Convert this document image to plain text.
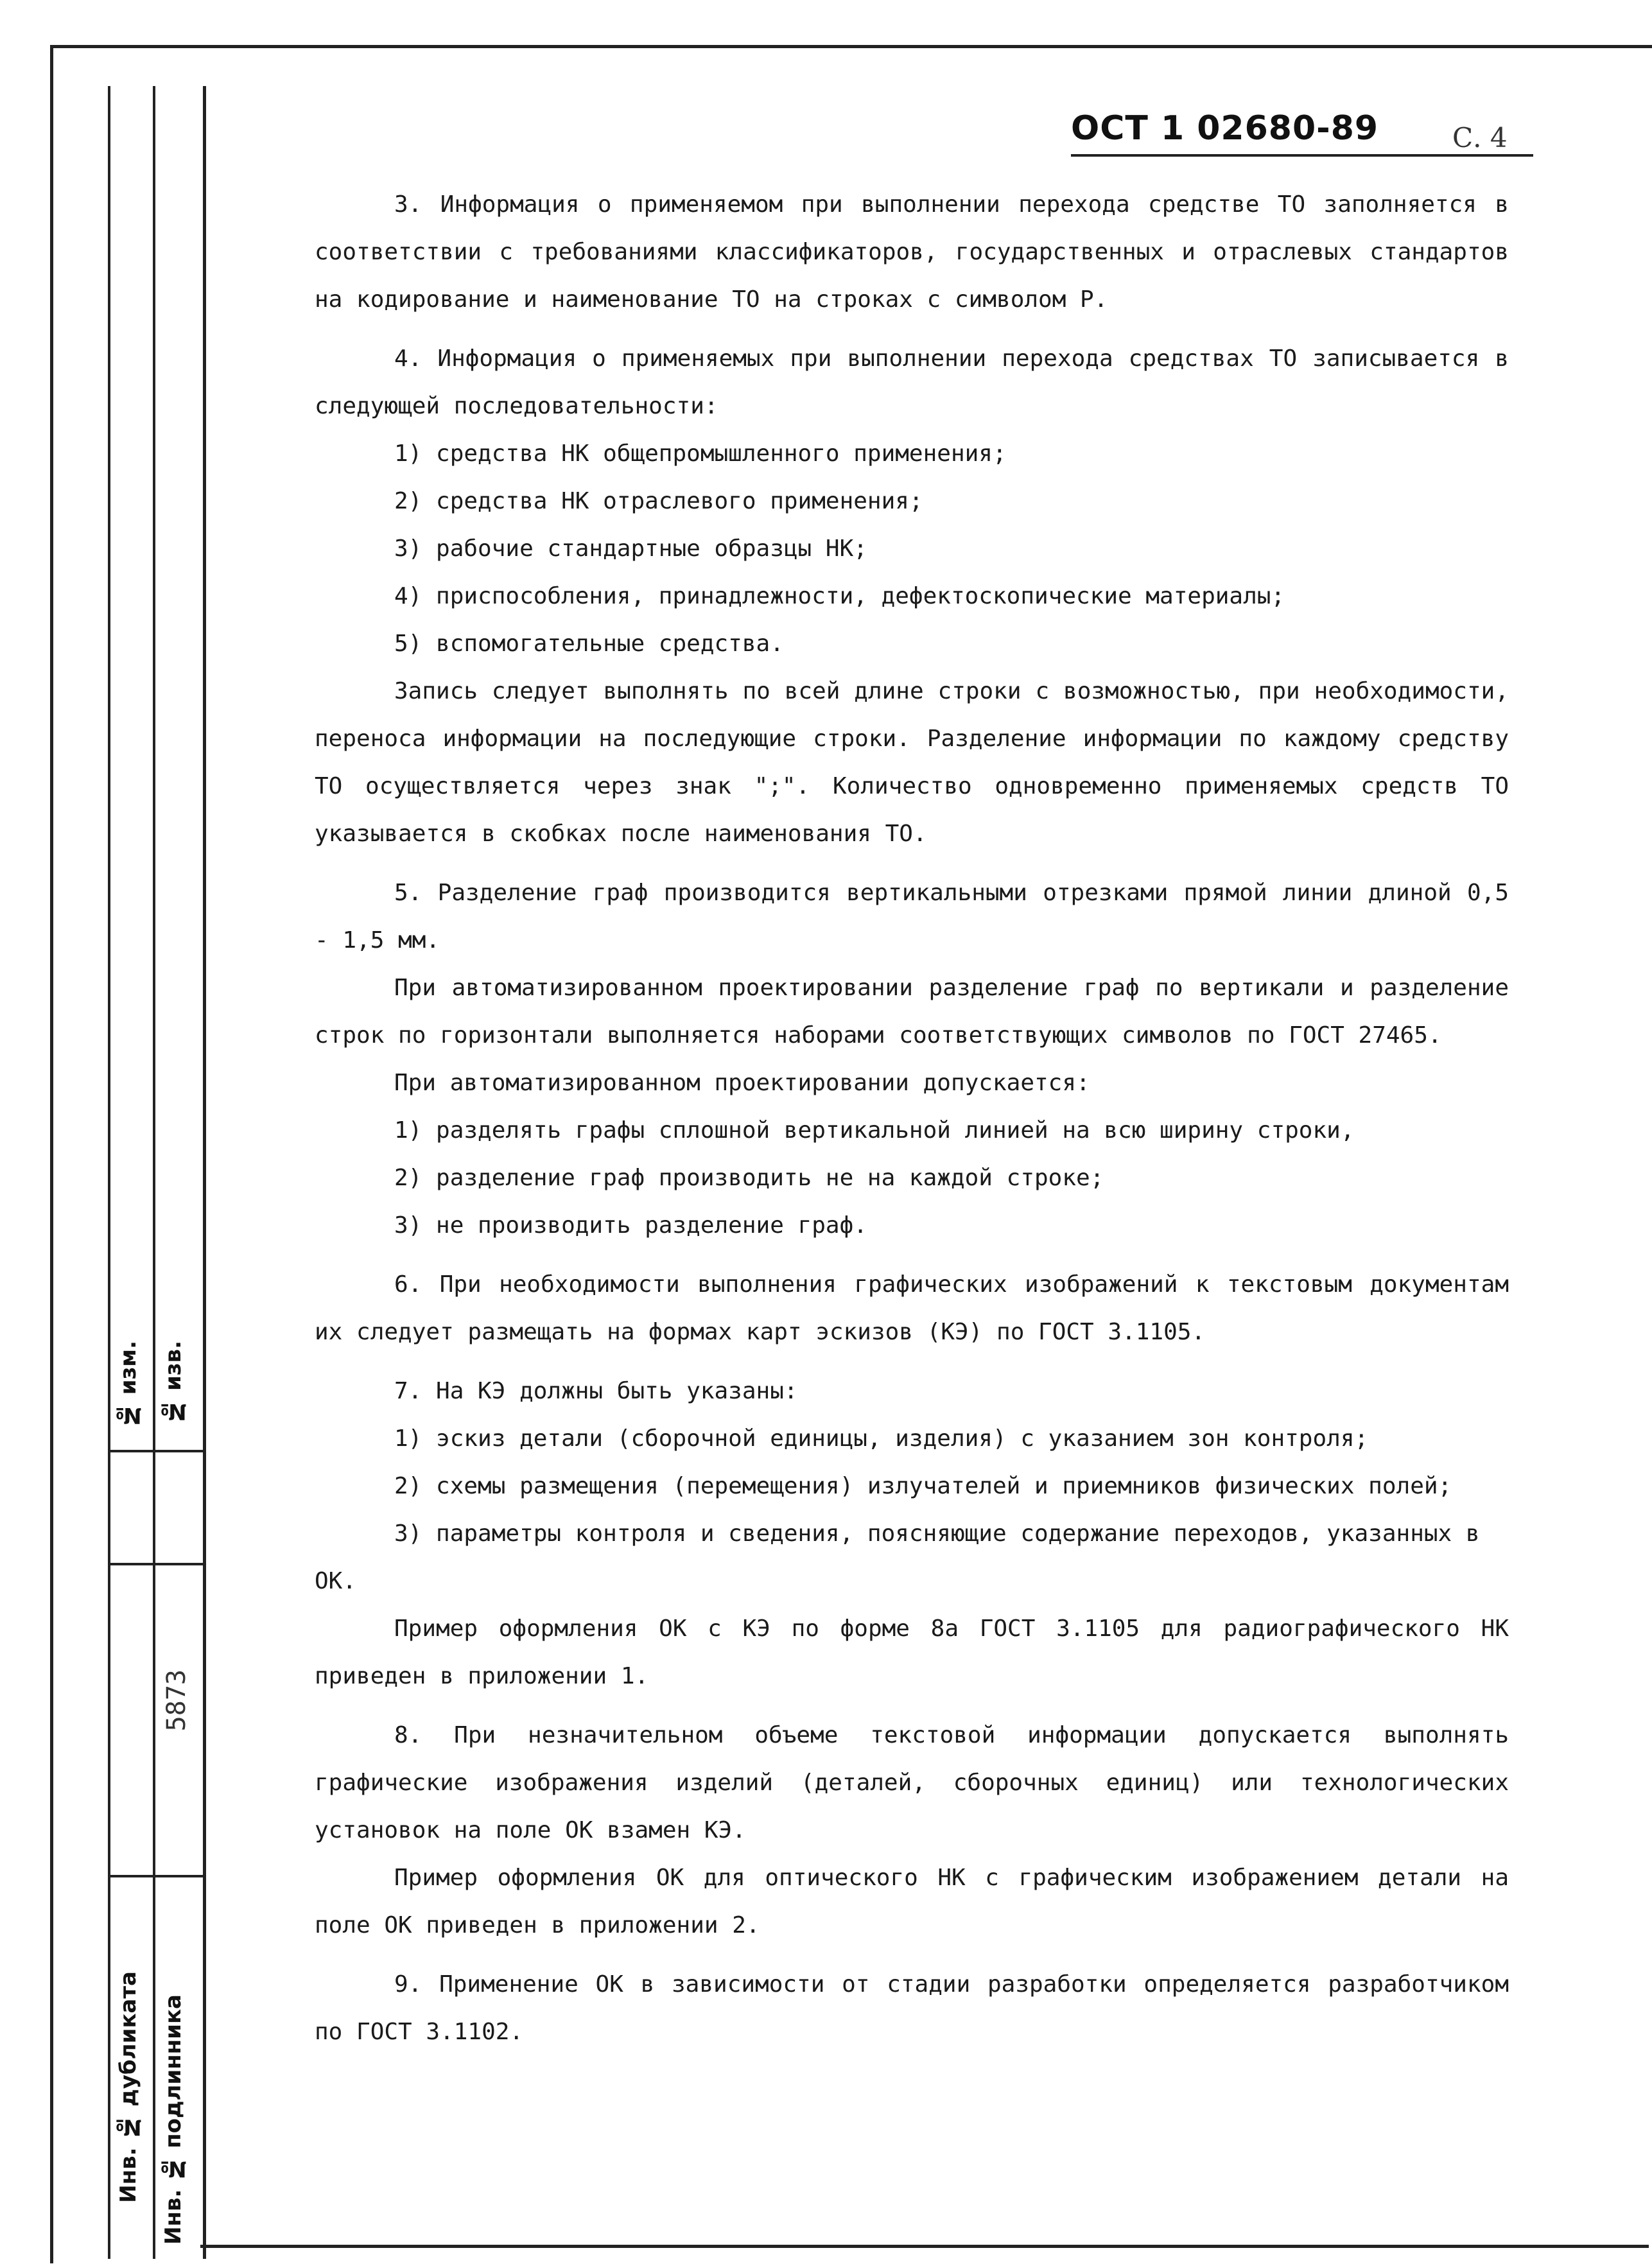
№ изм. № изв.
5873
Инв. № дубликата Инв. № подлинника
ОСТ 1 02680-89	С. 4

3. Информация о применяемом при выполнении перехода средстве ТО заполняется в соответствии с требованиями классификаторов, государственных и отраслевых стандартов на кодирование и наименование ТО на строках с символом Р.

4. Информация о применяемых при выполнении перехода средствах ТО записывается в следующей последовательности:

1) средства НК общепромышленного применения;
2) средства НК отраслевого применения;
3) рабочие стандартные образцы НК;
4) приспособления, принадлежности, дефектоскопические материалы;
5) вспомогательные средства.

Запись следует выполнять по всей длине строки с возможностью, при необходимости, переноса информации на последующие строки. Разделение информации по каждому средству ТО осуществляется через знак ";". Количество одновременно применяемых средств ТО указывается в скобках после наименования ТО.

5. Разделение граф производится вертикальными отрезками прямой линии длиной 0,5 - 1,5 мм.

При автоматизированном проектировании разделение граф по вертикали и разделение строк по горизонтали выполняется наборами соответствующих символов по ГОСТ 27465.

При автоматизированном проектировании допускается:

1) разделять графы сплошной вертикальной линией на всю ширину строки,
2) разделение граф производить не на каждой строке;
3) не производить разделение граф.

6. При необходимости выполнения графических изображений к текстовым документам их следует размещать на формах карт эскизов (КЭ) по ГОСТ 3.1105.

7. На КЭ должны быть указаны:

1) эскиз детали (сборочной единицы, изделия) с указанием зон контроля;
2) схемы размещения (перемещения) излучателей и приемников физических полей;
3) параметры контроля и сведения, поясняющие содержание переходов, указанных в ОК.

Пример оформления ОК с КЭ по форме 8а ГОСТ 3.1105 для радиографического НК приведен в приложении 1.

8. При незначительном объеме текстовой информации допускается выполнять графические изображения изделий (деталей, сборочных единиц) или технологических установок на поле ОК взамен КЭ.

Пример оформления ОК для оптического НК с графическим изображением детали на поле ОК приведен в приложении 2.

9. Применение ОК в зависимости от стадии разработки определяется разработчиком по ГОСТ 3.1102.
